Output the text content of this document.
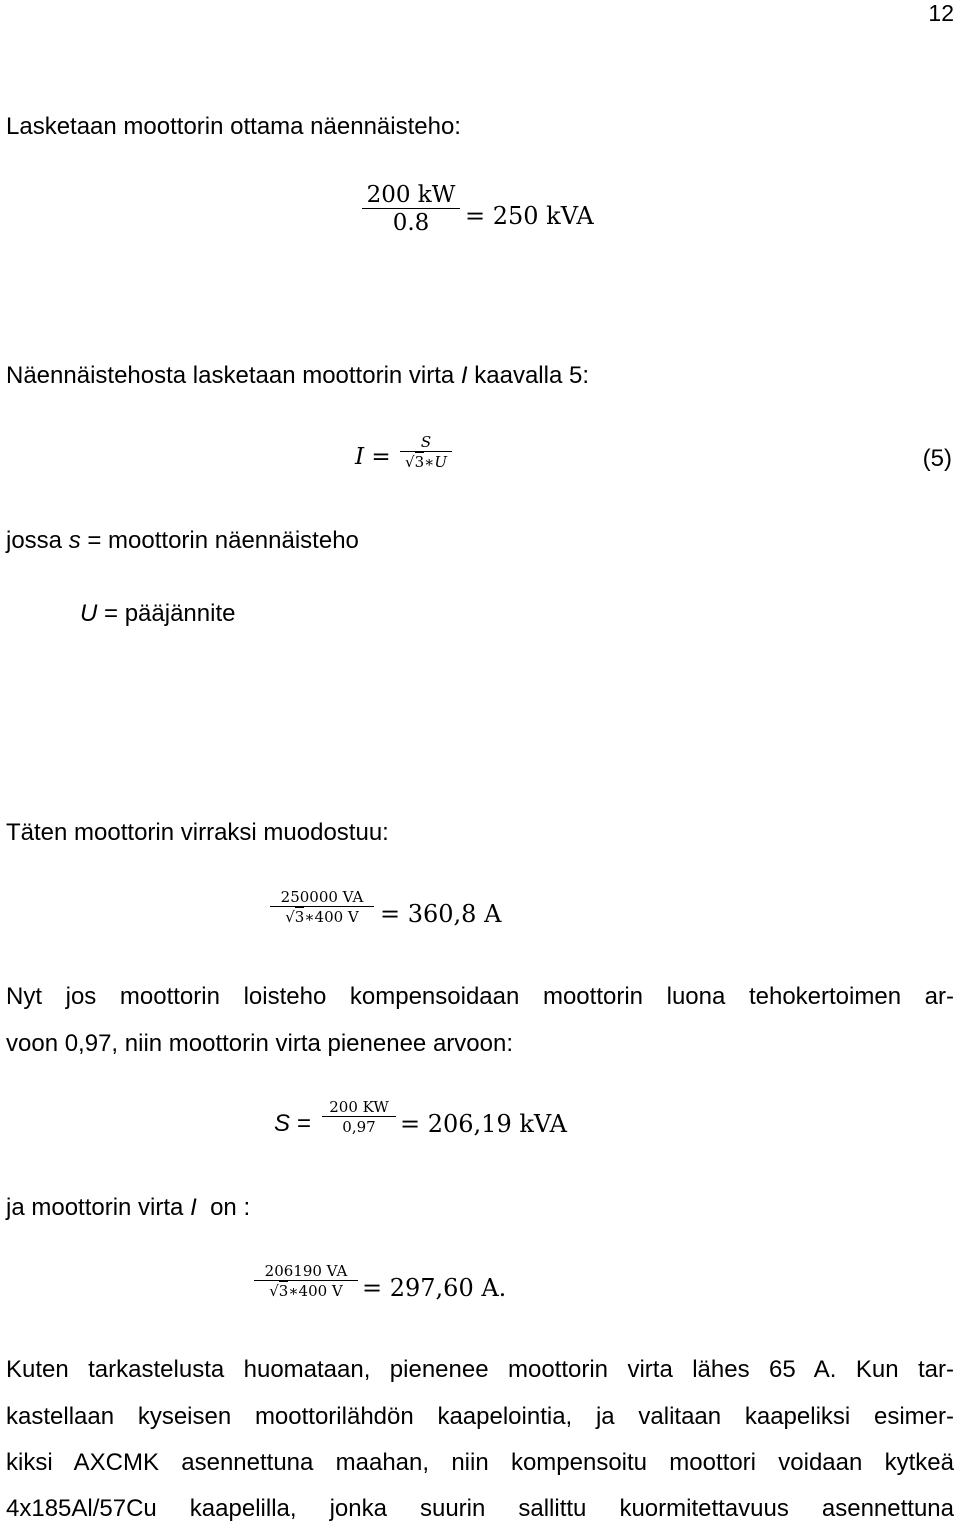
12
Lasketaan moottorin ottama näennäisteho:
200 kW
0.8	= 250 kVA
Näennäistehosta lasketaan moottorin virta I kaavalla 5:
I =
S
√3∗U	(5)
jossa s = moottorin näennäisteho
U = pääjännite
Täten moottorin virraksi muodostuu:
250000 VA
√3∗400 V = 360,8 A
Nyt jos moottorin loisteho kompensoidaan moottorin luona tehokertoimen ar-
voon 0,97, niin moottorin virta pienenee arvoon:
S =
200 KW
0,97	= 206,19 kVA
ja moottorin virta I  on :
206190 VA
√3∗400 V = 297,60 A.
Kuten tarkastelusta huomataan, pienenee moottorin virta lähes 65 A. Kun tar-
kastellaan kyseisen moottorilähdön kaapelointia, ja valitaan kaapeliksi esimer-
kiksi AXCMK asennettuna maahan, niin kompensoitu moottori voidaan kytkeä
4x185Al/57Cu kaapelilla, jonka suurin sallittu kuormitettavuus asennettuna
